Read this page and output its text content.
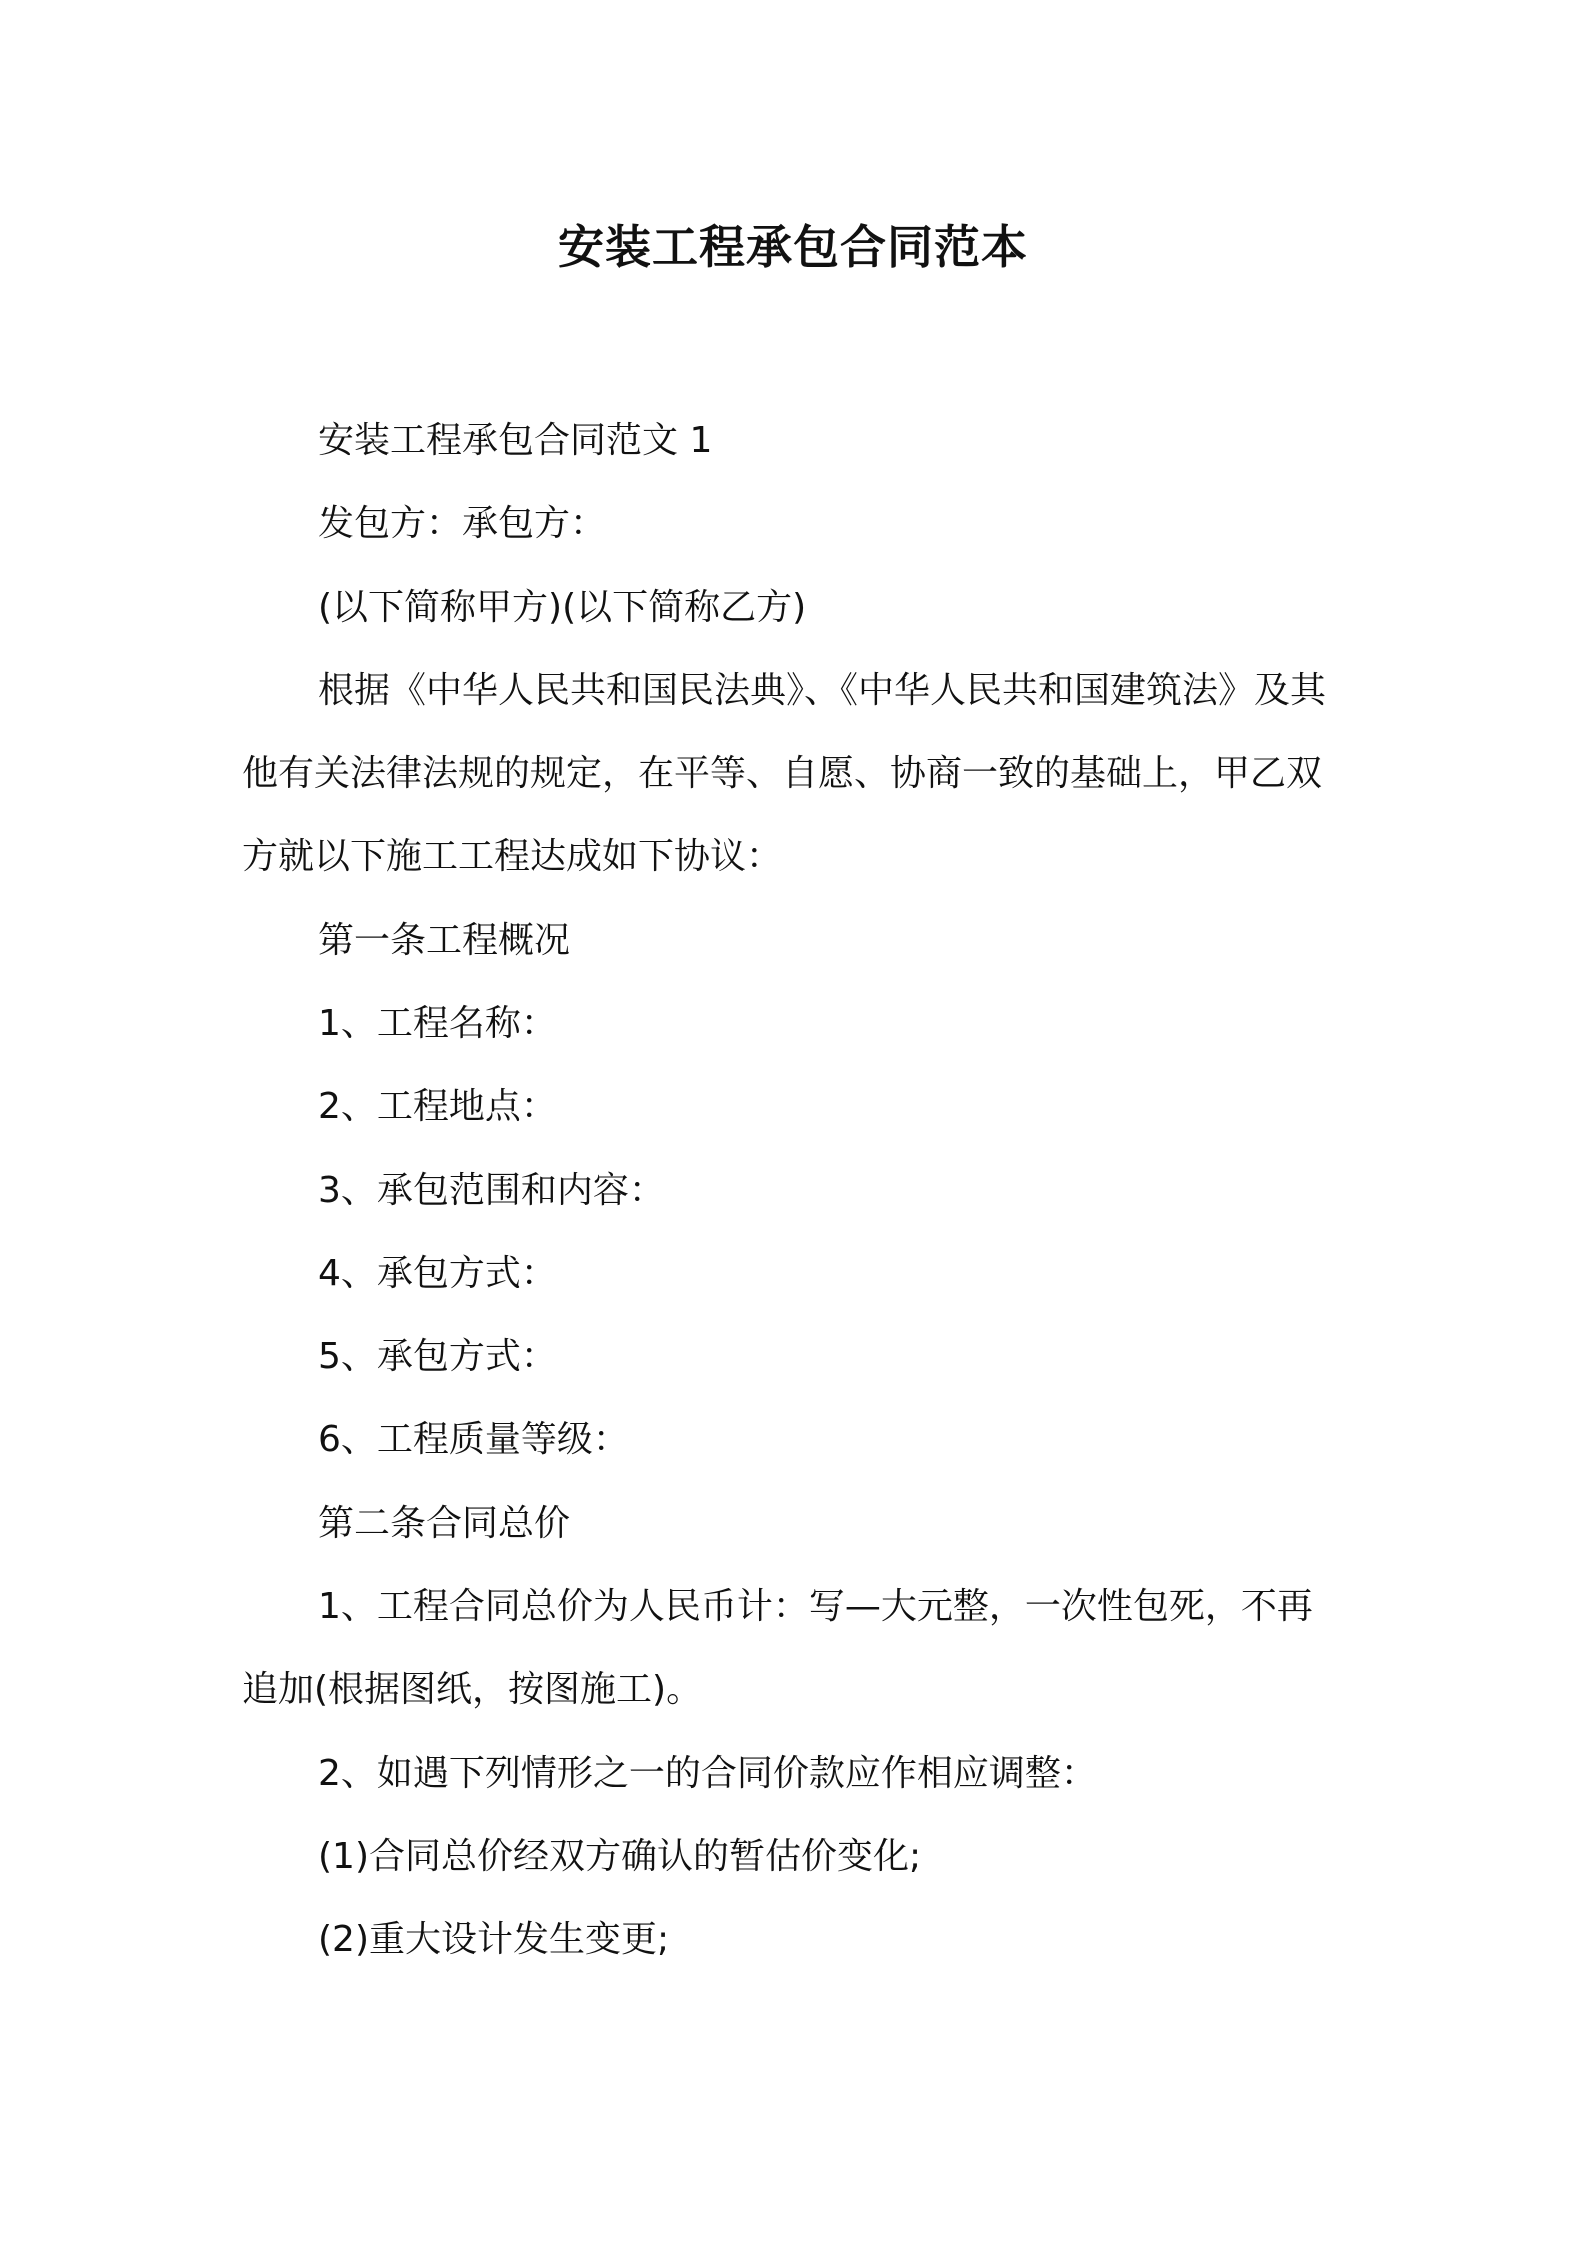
安装工程承包合同范本
安装工程承包合同范文 1
发包方：承包方：
(以下简称甲方)(以下简称乙方)
根据《中华人民共和国民法典》、《中华人民共和国建筑法》及其
他有关法律法规的规定，在平等、自愿、协商一致的基础上，甲乙双
方就以下施工工程达成如下协议：
第一条工程概况
1、工程名称：
2、工程地点：
3、承包范围和内容：
4、承包方式：
5、承包方式：
6、工程质量等级：
第二条合同总价
1、工程合同总价为人民币计：写—大元整，一次性包死，不再
追加(根据图纸，按图施工)。
2、如遇下列情形之一的合同价款应作相应调整：
(1)合同总价经双方确认的暂估价变化;
(2)重大设计发生变更;
